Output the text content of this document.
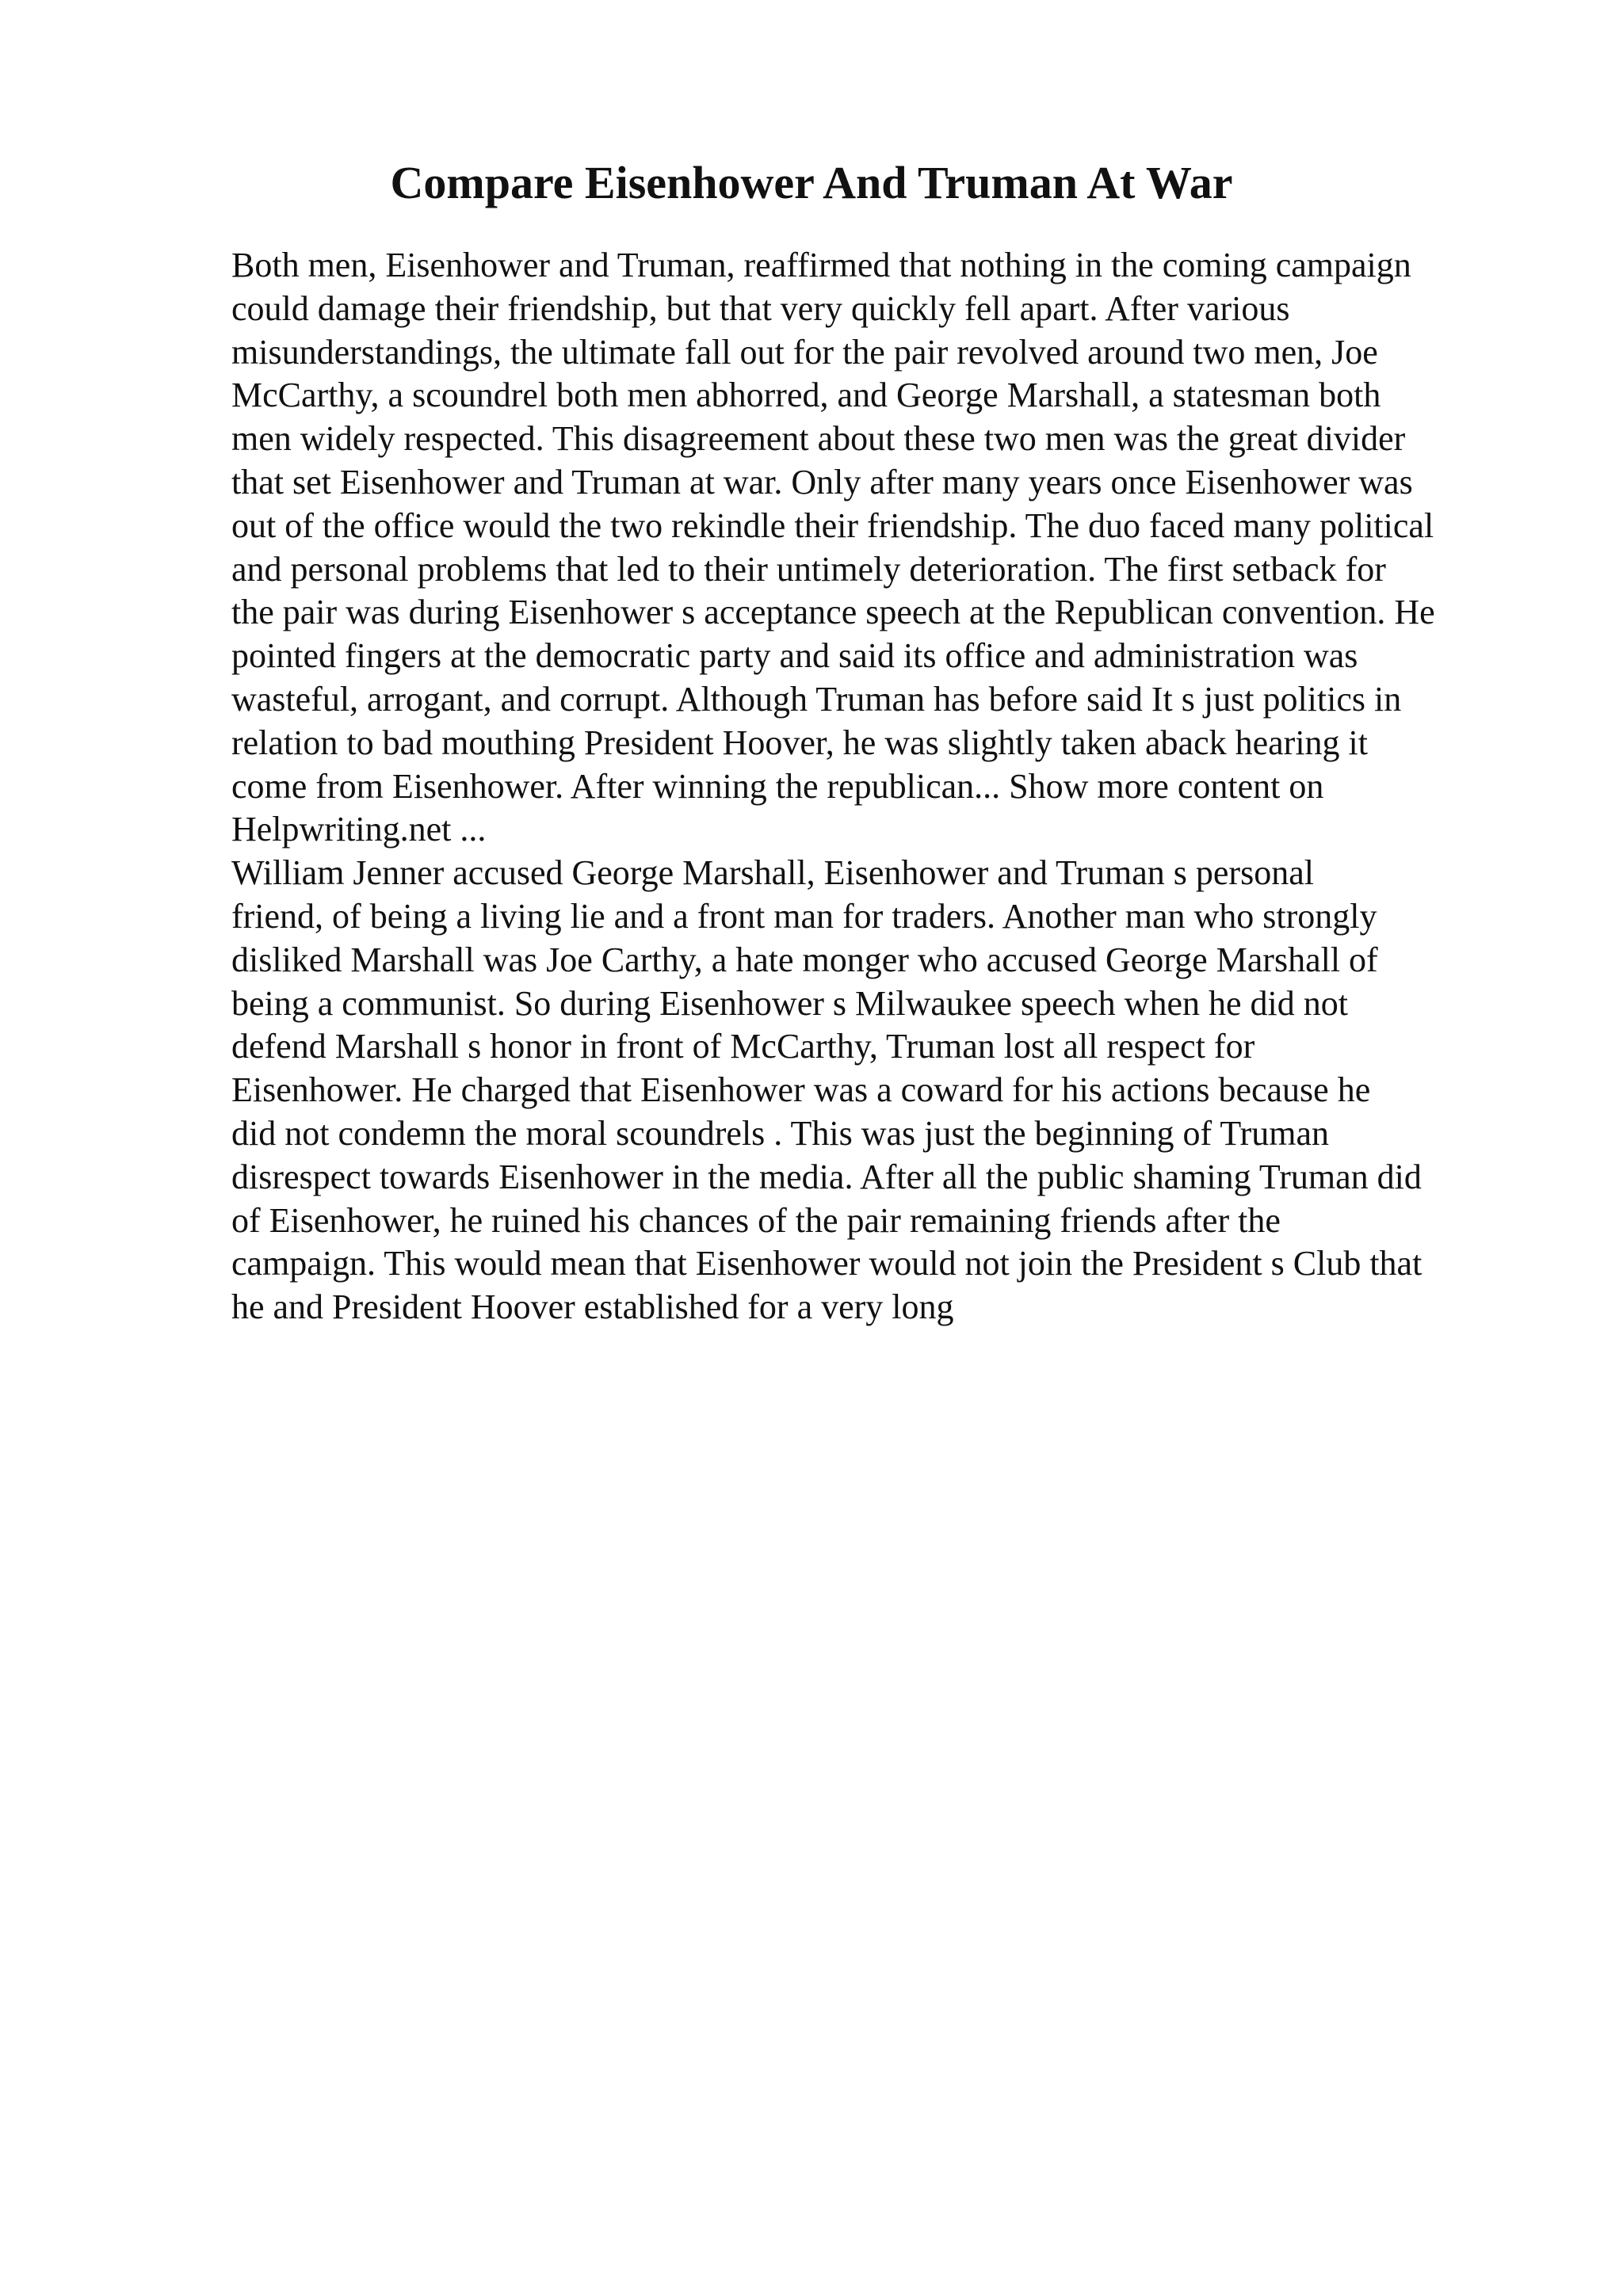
Compare Eisenhower And Truman At War

Both men, Eisenhower and Truman, reaffirmed that nothing in the coming campaign

could damage their friendship, but that very quickly fell apart. After various

misunderstandings, the ultimate fall out for the pair revolved around two men, Joe

McCarthy, a scoundrel both men abhorred, and George Marshall, a statesman both

men widely respected. This disagreement about these two men was the great divider

that set Eisenhower and Truman at war. Only after many years once Eisenhower was

out of the office would the two rekindle their friendship. The duo faced many political

and personal problems that led to their untimely deterioration. The first setback for

the pair was during Eisenhower s acceptance speech at the Republican convention. He

pointed fingers at the democratic party and said its office and administration was

wasteful, arrogant, and corrupt. Although Truman has before said It s just politics in

relation to bad mouthing President Hoover, he was slightly taken aback hearing it

come from Eisenhower. After winning the republican... Show more content on

Helpwriting.net ...

William Jenner accused George Marshall, Eisenhower and Truman s personal

friend, of being a living lie and a front man for traders. Another man who strongly

disliked Marshall was Joe Carthy, a hate monger who accused George Marshall of

being a communist. So during Eisenhower s Milwaukee speech when he did not

defend Marshall s honor in front of McCarthy, Truman lost all respect for

Eisenhower. He charged that Eisenhower was a coward for his actions because he

did not condemn the moral scoundrels . This was just the beginning of Truman

disrespect towards Eisenhower in the media. After all the public shaming Truman did

of Eisenhower, he ruined his chances of the pair remaining friends after the

campaign. This would mean that Eisenhower would not join the President s Club that

he and President Hoover established for a very long
